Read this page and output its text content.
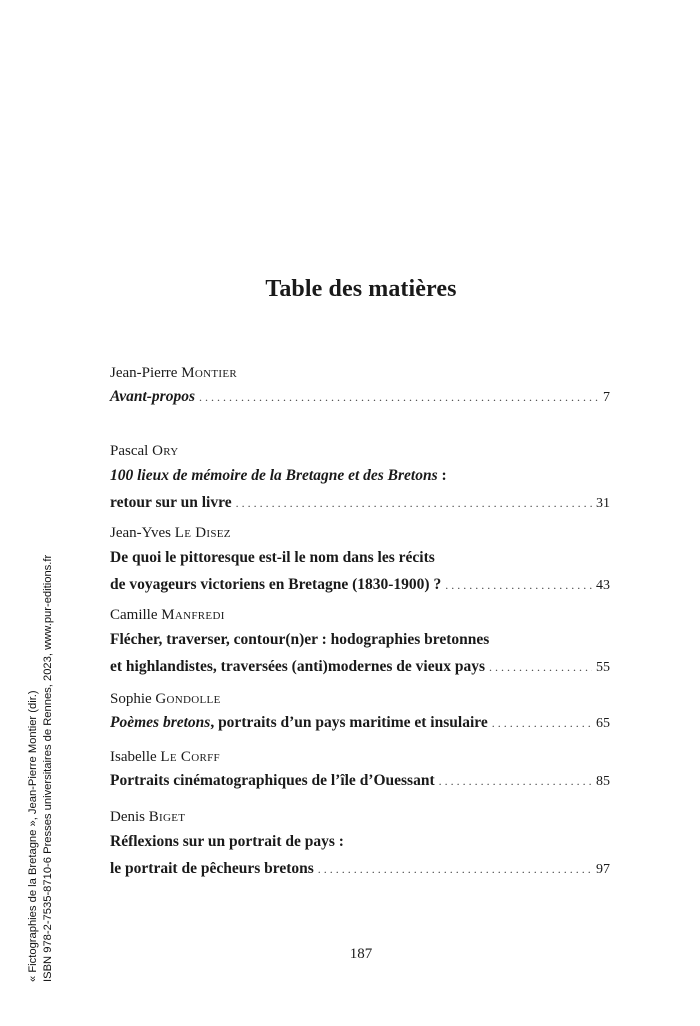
« Fictographies de la Bretagne », Jean-Pierre Montier (dir.) ISBN 978-2-7535-8710-6 Presses universitaires de Rennes, 2023, www.pur-editions.fr
Table des matières
Jean-Pierre Montier
Avant-propos . . .	7
Pascal Ory
100 lieux de mémoire de la Bretagne et des Bretons :
retour sur un livre . . .	31
Jean-Yves Le Disez
De quoi le pittoresque est-il le nom dans les récits
de voyageurs victoriens en Bretagne (1830-1900) ? . . .	43
Camille Manfredi
Flécher, traverser, contour(n)er : hodographies bretonnes
et highlandistes, traversées (anti)modernes de vieux pays . . .	55
Sophie Gondolle
Poèmes bretons, portraits d’un pays maritime et insulaire . . .	65
Isabelle Le Corff
Portraits cinématographiques de l’île d’Ouessant . . .	85
Denis Biget
Réflexions sur un portrait de pays :
le portrait de pêcheurs bretons . . .	97
187
